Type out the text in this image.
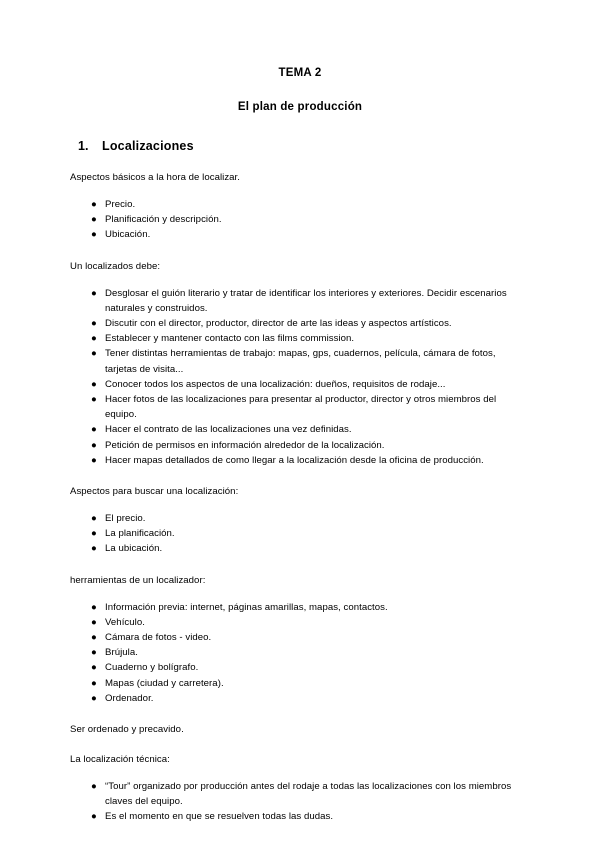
TEMA 2
El plan de producción
1.	Localizaciones

Aspectos básicos a la hora de localizar.

● Precio.
● Planificación y descripción.
● Ubicación.

Un localizados debe:

● Desglosar el guión literario y tratar de identificar los interiores y exteriores. Decidir escenarios naturales y construidos.
● Discutir con el director, productor, director de arte las ideas y aspectos artísticos.
● Establecer y mantener contacto con las films commission.
● Tener distintas herramientas de trabajo: mapas, gps, cuadernos, película, cámara de fotos, tarjetas de visita...
● Conocer todos los aspectos de una localización: dueños, requisitos de rodaje...
● Hacer fotos de las localizaciones para presentar al productor, director y otros miembros del equipo.
● Hacer el contrato de las localizaciones una vez definidas.
● Petición de permisos en información alrededor de la localización.
● Hacer mapas detallados de como llegar a la localización desde la oficina de producción.

Aspectos para buscar una localización:

● El precio.
● La planificación.
● La ubicación.

herramientas de un localizador:

● Información previa: internet, páginas amarillas, mapas, contactos.
● Vehículo.
● Cámara de fotos - video.
● Brújula.
● Cuaderno y bolígrafo.
● Mapas (ciudad y carretera).
● Ordenador.

Ser ordenado y precavido.

La localización técnica:

● “Tour” organizado por producción antes del rodaje a todas las localizaciones con los miembros claves del equipo.
● Es el momento en que se resuelven todas las dudas.
